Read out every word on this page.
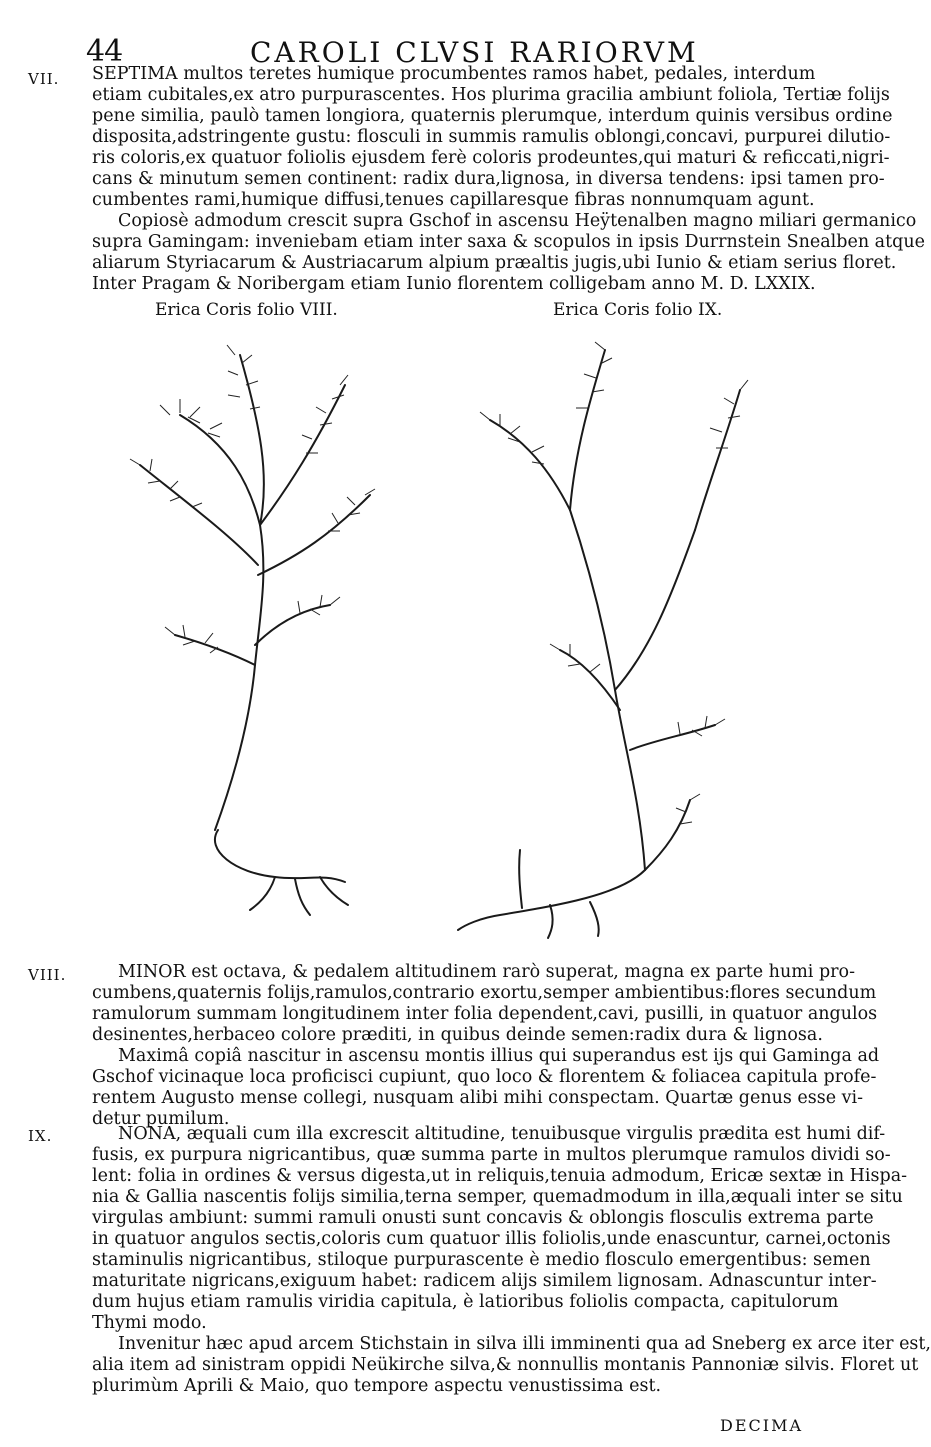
44	CAROLI CLVSI RARIORVM
VII. SEPTIMA multos teretes humique procumbentes ramos habet, pedales, interdum
etiam cubitales,ex atro purpurascentes. Hos plurima gracilia ambiunt foliola, Tertiæ folijs
pene similia, paulò tamen longiora, quaternis plerumque, interdum quinis versibus ordine
disposita,adstringente gustu: flosculi in summis ramulis oblongi,concavi, purpurei dilutio-
ris coloris,ex quatuor foliolis ejusdem ferè coloris prodeuntes,qui maturi & reficcati,nigri-
cans & minutum semen continent: radix dura,lignosa, in diversa tendens: ipsi tamen pro-
cumbentes rami,humique diffusi,tenues capillaresque fibras nonnumquam agunt.
Copiosè admodum crescit supra Gschof in ascensu Heÿtenalben magno miliari germanico
supra Gamingam: inveniebam etiam inter saxa & scopulos in ipsis Durrnstein Snealben atque
aliarum Styriacarum & Austriacarum alpium præaltis jugis,ubi Iunio & etiam serius floret.
Inter Pragam & Noribergam etiam Iunio florentem colligebam anno M. D. LXXIX.
Erica Coris folio VIII.	Erica Coris folio IX.
VIII.	MINOR est octava, & pedalem altitudinem rarò superat, magna ex parte humi pro-
cumbens,quaternis folijs,ramulos,contrario exortu,semper ambientibus:flores secundum
ramulorum summam longitudinem inter folia dependent,cavi, pusilli, in quatuor angulos
desinentes,herbaceo colore præditi, in quibus deinde semen:radix dura & lignosa.
Maximâ copiâ nascitur in ascensu montis illius qui superandus est ijs qui Gaminga ad
Gschof vicinaque loca proficisci cupiunt, quo loco & florentem & foliacea capitula profe-
rentem Augusto mense collegi, nusquam alibi mihi conspectam. Quartæ genus esse vi-
detur pumilum.
IX.	NONA, æquali cum illa excrescit altitudine, tenuibusque virgulis prædita est humi dif-
fusis, ex purpura nigricantibus, quæ summa parte in multos plerumque ramulos dividi so-
lent: folia in ordines & versus digesta,ut in reliquis,tenuia admodum, Ericæ sextæ in Hispa-
nia & Gallia nascentis folijs similia,terna semper, quemadmodum in illa,æquali inter se situ
virgulas ambiunt: summi ramuli onusti sunt concavis & oblongis flosculis extrema parte
in quatuor angulos sectis,coloris cum quatuor illis foliolis,unde enascuntur, carnei,octonis
staminulis nigricantibus, stiloque purpurascente è medio flosculo emergentibus: semen
maturitate nigricans,exiguum habet: radicem alijs similem lignosam. Adnascuntur inter-
dum hujus etiam ramulis viridia capitula, è latioribus foliolis compacta, capitulorum
Thymi modo.
Invenitur hæc apud arcem Stichstain in silva illi imminenti qua ad Sneberg ex arce iter est,
alia item ad sinistram oppidi Neükirche silva,& nonnullis montanis Pannoniæ silvis. Floret ut
plurimùm Aprili & Maio, quo tempore aspectu venustissima est.
DECIMA
